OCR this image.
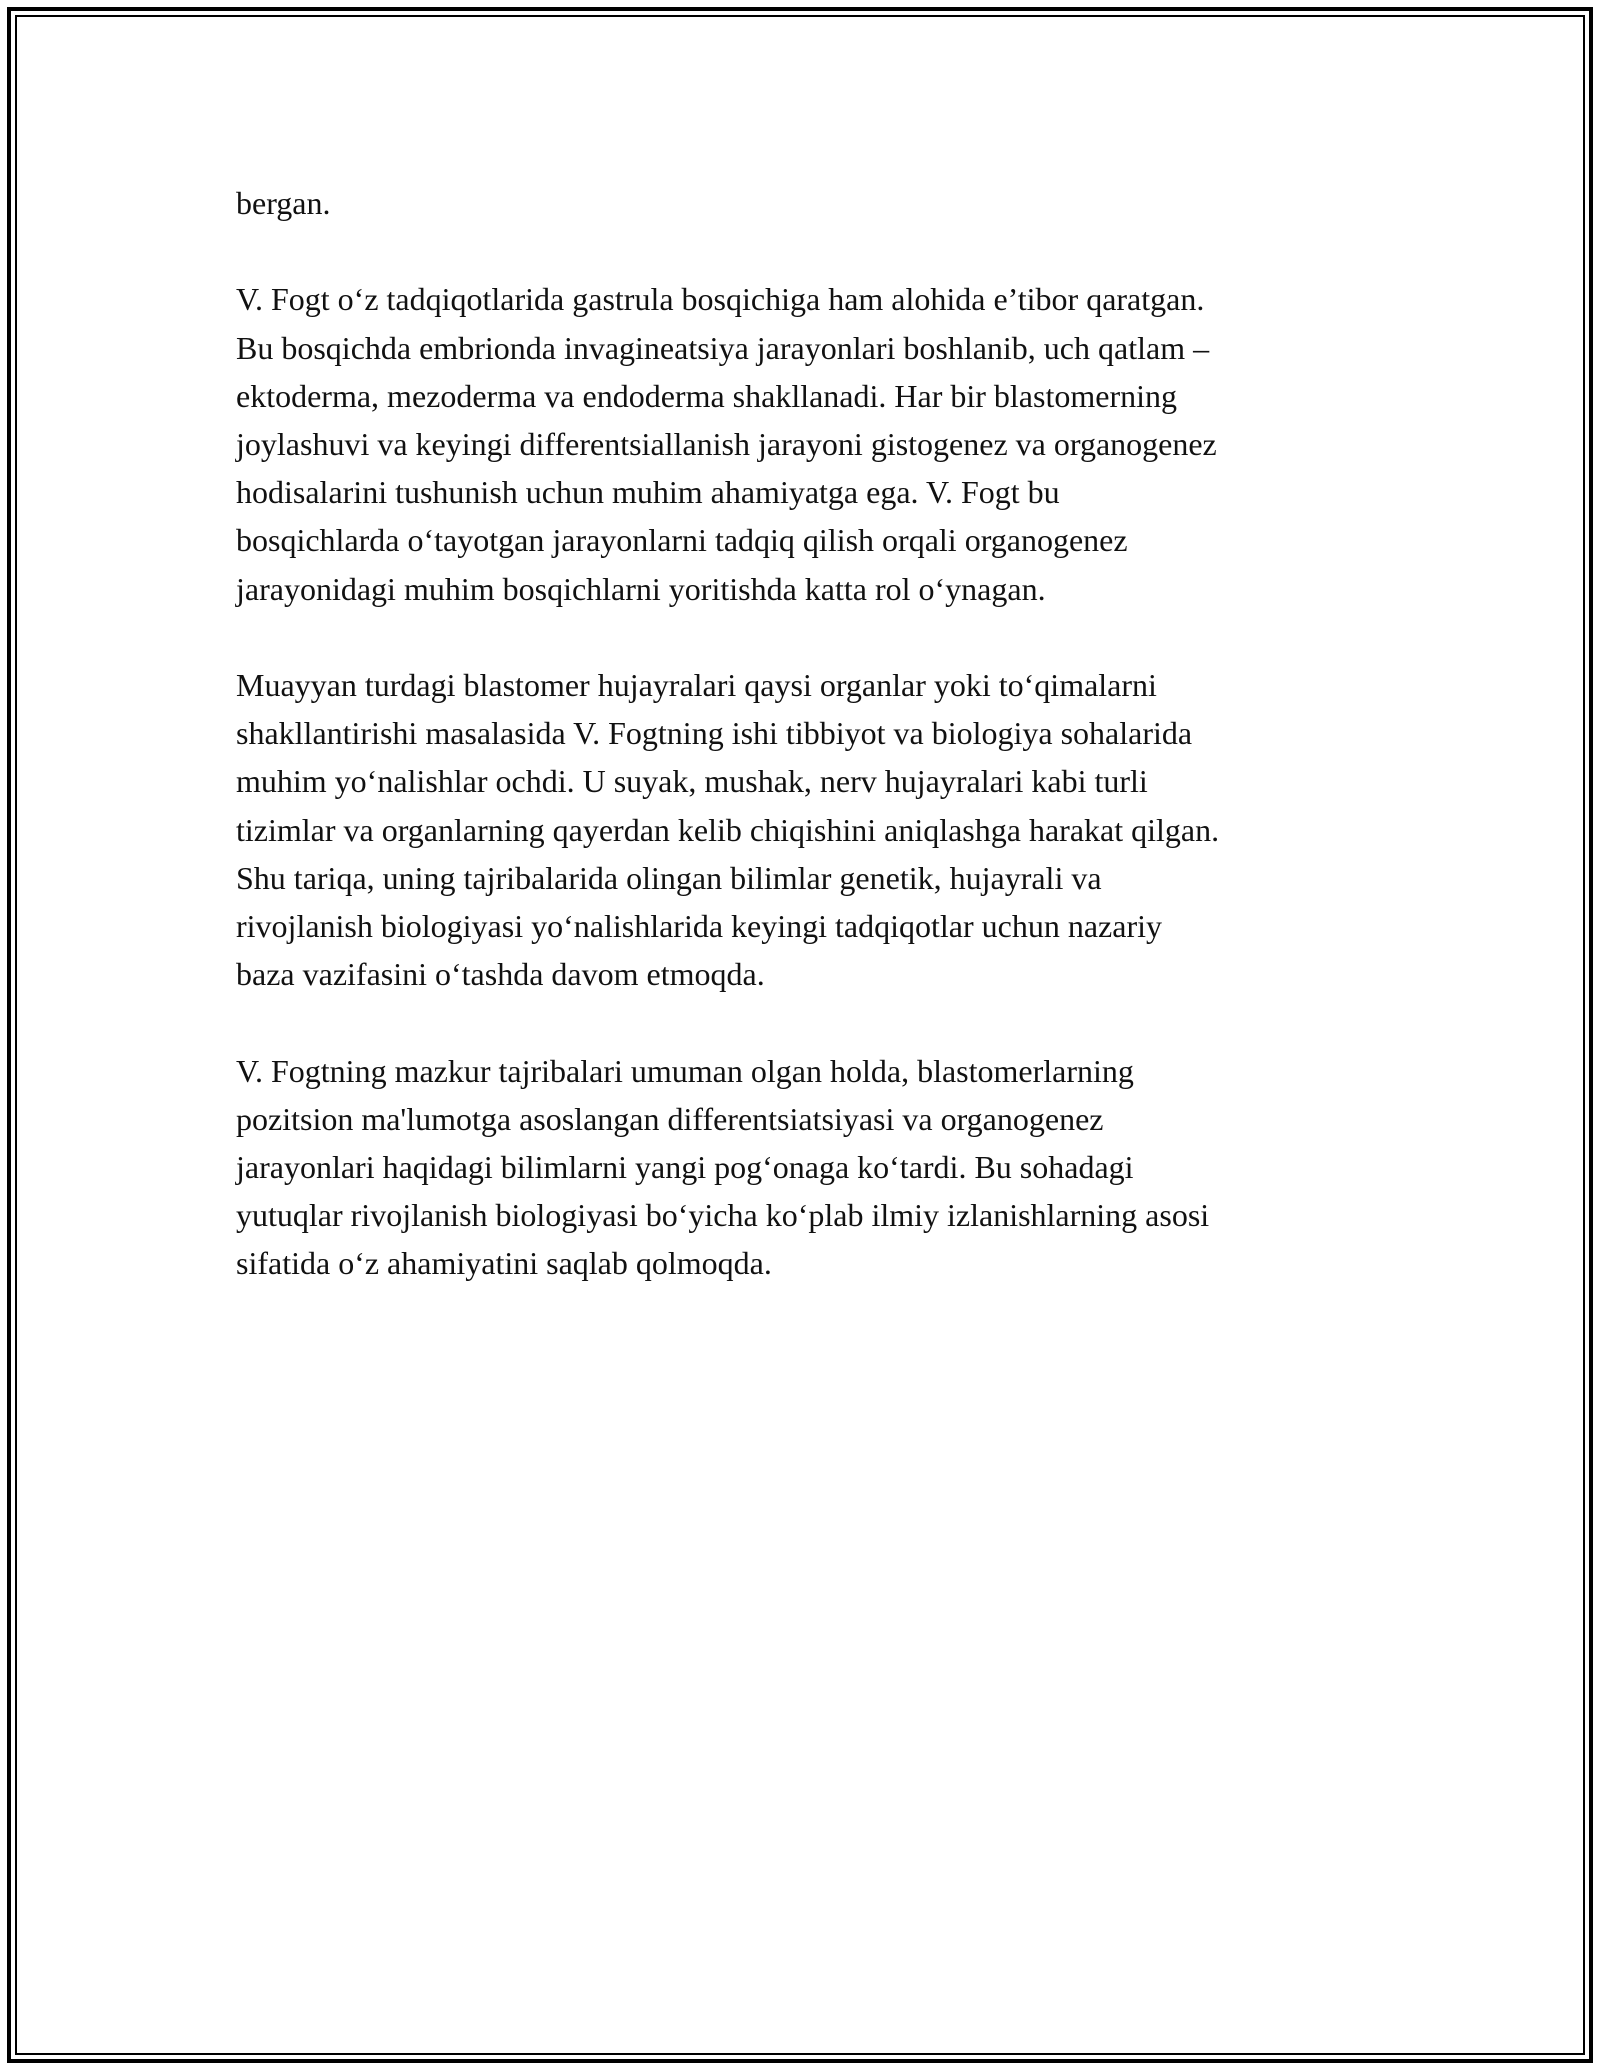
bergan.

V. Fogt o‘z tadqiqotlarida gastrula bosqichiga ham alohida e’tibor qaratgan.
Bu bosqichda embrionda invagineatsiya jarayonlari boshlanib, uch qatlam –
ektoderma, mezoderma va endoderma shakllanadi. Har bir blastomerning
joylashuvi va keyingi differentsiallanish jarayoni gistogenez va organogenez
hodisalarini tushunish uchun muhim ahamiyatga ega. V. Fogt bu
bosqichlarda o‘tayotgan jarayonlarni tadqiq qilish orqali organogenez
jarayonidagi muhim bosqichlarni yoritishda katta rol o‘ynagan.

Muayyan turdagi blastomer hujayralari qaysi organlar yoki to‘qimalarni
shakllantirishi masalasida V. Fogtning ishi tibbiyot va biologiya sohalarida
muhim yo‘nalishlar ochdi. U suyak, mushak, nerv hujayralari kabi turli
tizimlar va organlarning qayerdan kelib chiqishini aniqlashga harakat qilgan.
Shu tariqa, uning tajribalarida olingan bilimlar genetik, hujayrali va
rivojlanish biologiyasi yo‘nalishlarida keyingi tadqiqotlar uchun nazariy
baza vazifasini o‘tashda davom etmoqda.

V. Fogtning mazkur tajribalari umuman olgan holda, blastomerlarning
pozitsion ma'lumotga asoslangan differentsiatsiyasi va organogenez
jarayonlari haqidagi bilimlarni yangi pog‘onaga ko‘tardi. Bu sohadagi
yutuqlar rivojlanish biologiyasi bo‘yicha ko‘plab ilmiy izlanishlarning asosi
sifatida o‘z ahamiyatini saqlab qolmoqda.
